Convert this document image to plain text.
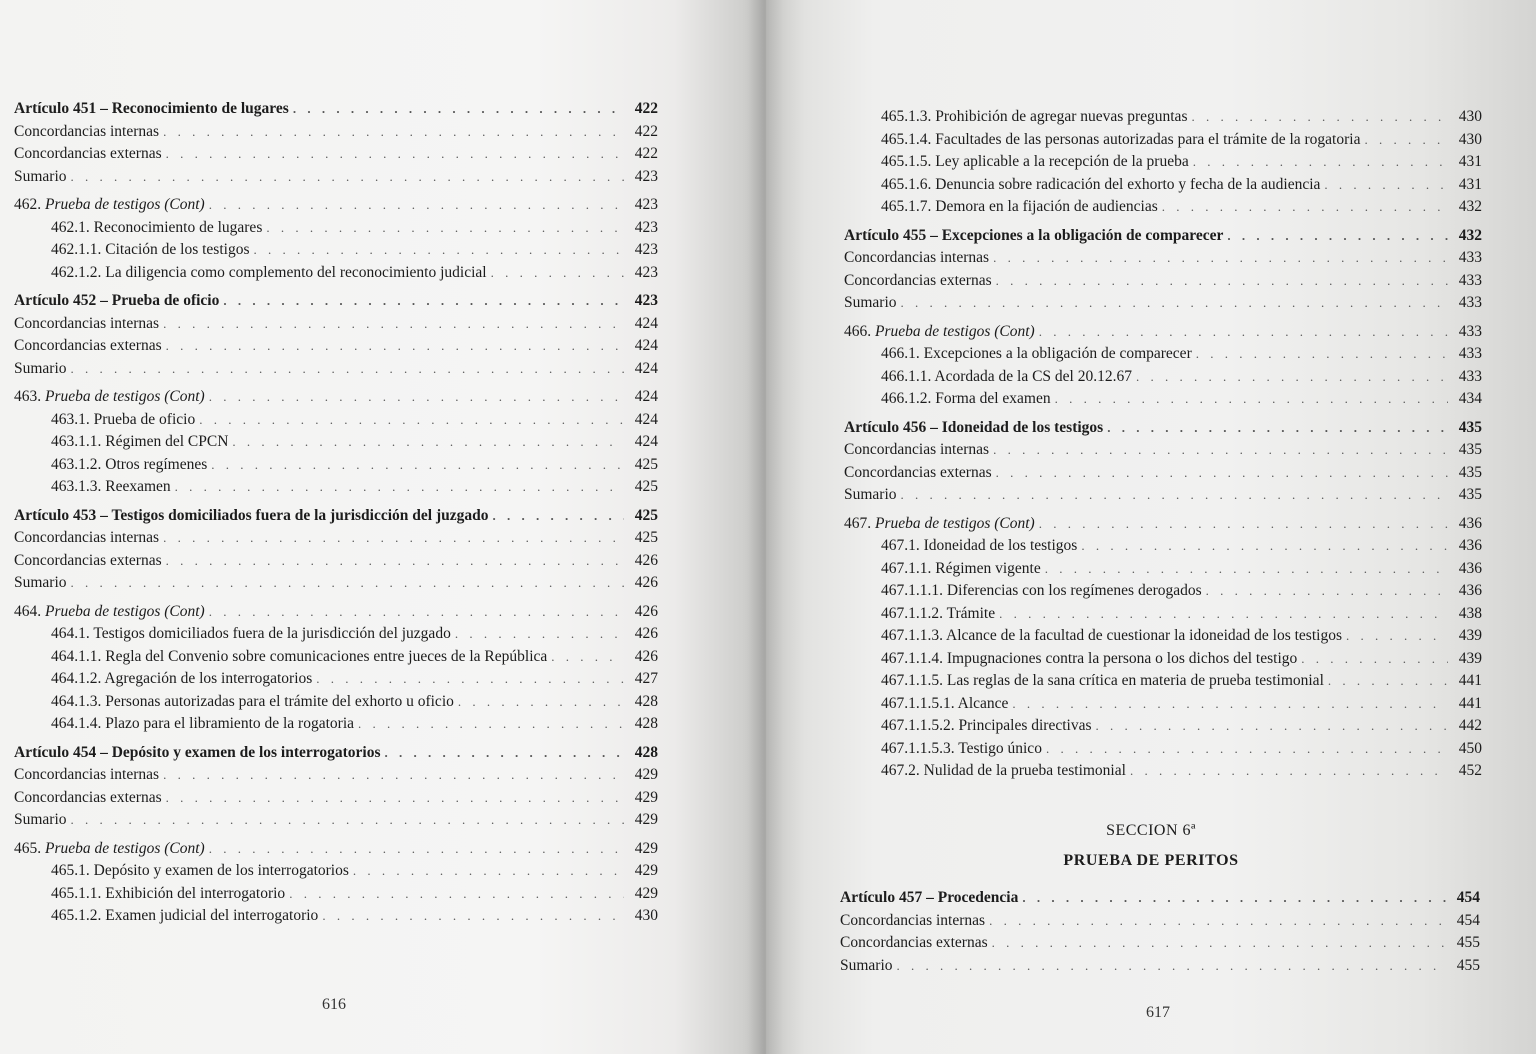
Artículo 451 – Reconocimiento de lugares . . .	422
Concordancias internas . . .	422
Concordancias externas . . .	422
Sumario . . .	423
462. Prueba de testigos (Cont) . . .	423
462.1. Reconocimiento de lugares . . .	423
462.1.1. Citación de los testigos . . .	423
462.1.2. La diligencia como complemento del reconocimiento judicial . . .	423
Artículo 452 – Prueba de oficio . . .	423
Concordancias internas . . .	424
Concordancias externas . . .	424
Sumario . . .	424
463. Prueba de testigos (Cont) . . .	424
463.1. Prueba de oficio . . .	424
463.1.1. Régimen del CPCN . . .	424
463.1.2. Otros regímenes . . .	425
463.1.3. Reexamen . . .	425
Artículo 453 – Testigos domiciliados fuera de la jurisdicción del juzgado . . .	425
Concordancias internas . . .	425
Concordancias externas . . .	426
Sumario . . .	426
464. Prueba de testigos (Cont) . . .	426
464.1. Testigos domiciliados fuera de la jurisdicción del juzgado . . .	426
464.1.1. Regla del Convenio sobre comunicaciones entre jueces de la República . . .	426
464.1.2. Agregación de los interrogatorios . . .	427
464.1.3. Personas autorizadas para el trámite del exhorto u oficio . . .	428
464.1.4. Plazo para el libramiento de la rogatoria . . .	428
Artículo 454 – Depósito y examen de los interrogatorios . . .	428
Concordancias internas . . .	429
Concordancias externas . . .	429
Sumario . . .	429
465. Prueba de testigos (Cont) . . .	429
465.1. Depósito y examen de los interrogatorios . . .	429
465.1.1. Exhibición del interrogatorio . . .	429
465.1.2. Examen judicial del interrogatorio . . .	430
616
465.1.3. Prohibición de agregar nuevas preguntas . . .	430
465.1.4. Facultades de las personas autorizadas para el trámite de la rogatoria . . .	430
465.1.5. Ley aplicable a la recepción de la prueba . . .	431
465.1.6. Denuncia sobre radicación del exhorto y fecha de la audiencia . . .	431
465.1.7. Demora en la fijación de audiencias . . .	432
Artículo 455 – Excepciones a la obligación de comparecer . . .	432
Concordancias internas . . .	433
Concordancias externas . . .	433
Sumario . . .	433
466. Prueba de testigos (Cont) . . .	433
466.1. Excepciones a la obligación de comparecer . . .	433
466.1.1. Acordada de la CS del 20.12.67 . . .	433
466.1.2. Forma del examen . . .	434
Artículo 456 – Idoneidad de los testigos . . .	435
Concordancias internas . . .	435
Concordancias externas . . .	435
Sumario . . .	435
467. Prueba de testigos (Cont) . . .	436
467.1. Idoneidad de los testigos . . .	436
467.1.1. Régimen vigente . . .	436
467.1.1.1. Diferencias con los regímenes derogados . . .	436
467.1.1.2. Trámite . . .	438
467.1.1.3. Alcance de la facultad de cuestionar la idoneidad de los testigos . . .	439
467.1.1.4. Impugnaciones contra la persona o los dichos del testigo . . .	439
467.1.1.5. Las reglas de la sana crítica en materia de prueba testimonial . . .	441
467.1.1.5.1. Alcance . . .	441
467.1.1.5.2. Principales directivas . . .	442
467.1.1.5.3. Testigo único . . .	450
467.2. Nulidad de la prueba testimonial . . .	452
SECCION 6ª
PRUEBA DE PERITOS
Artículo 457 – Procedencia . . .	454
Concordancias internas . . .	454
Concordancias externas . . .	455
Sumario . . .	455
617
